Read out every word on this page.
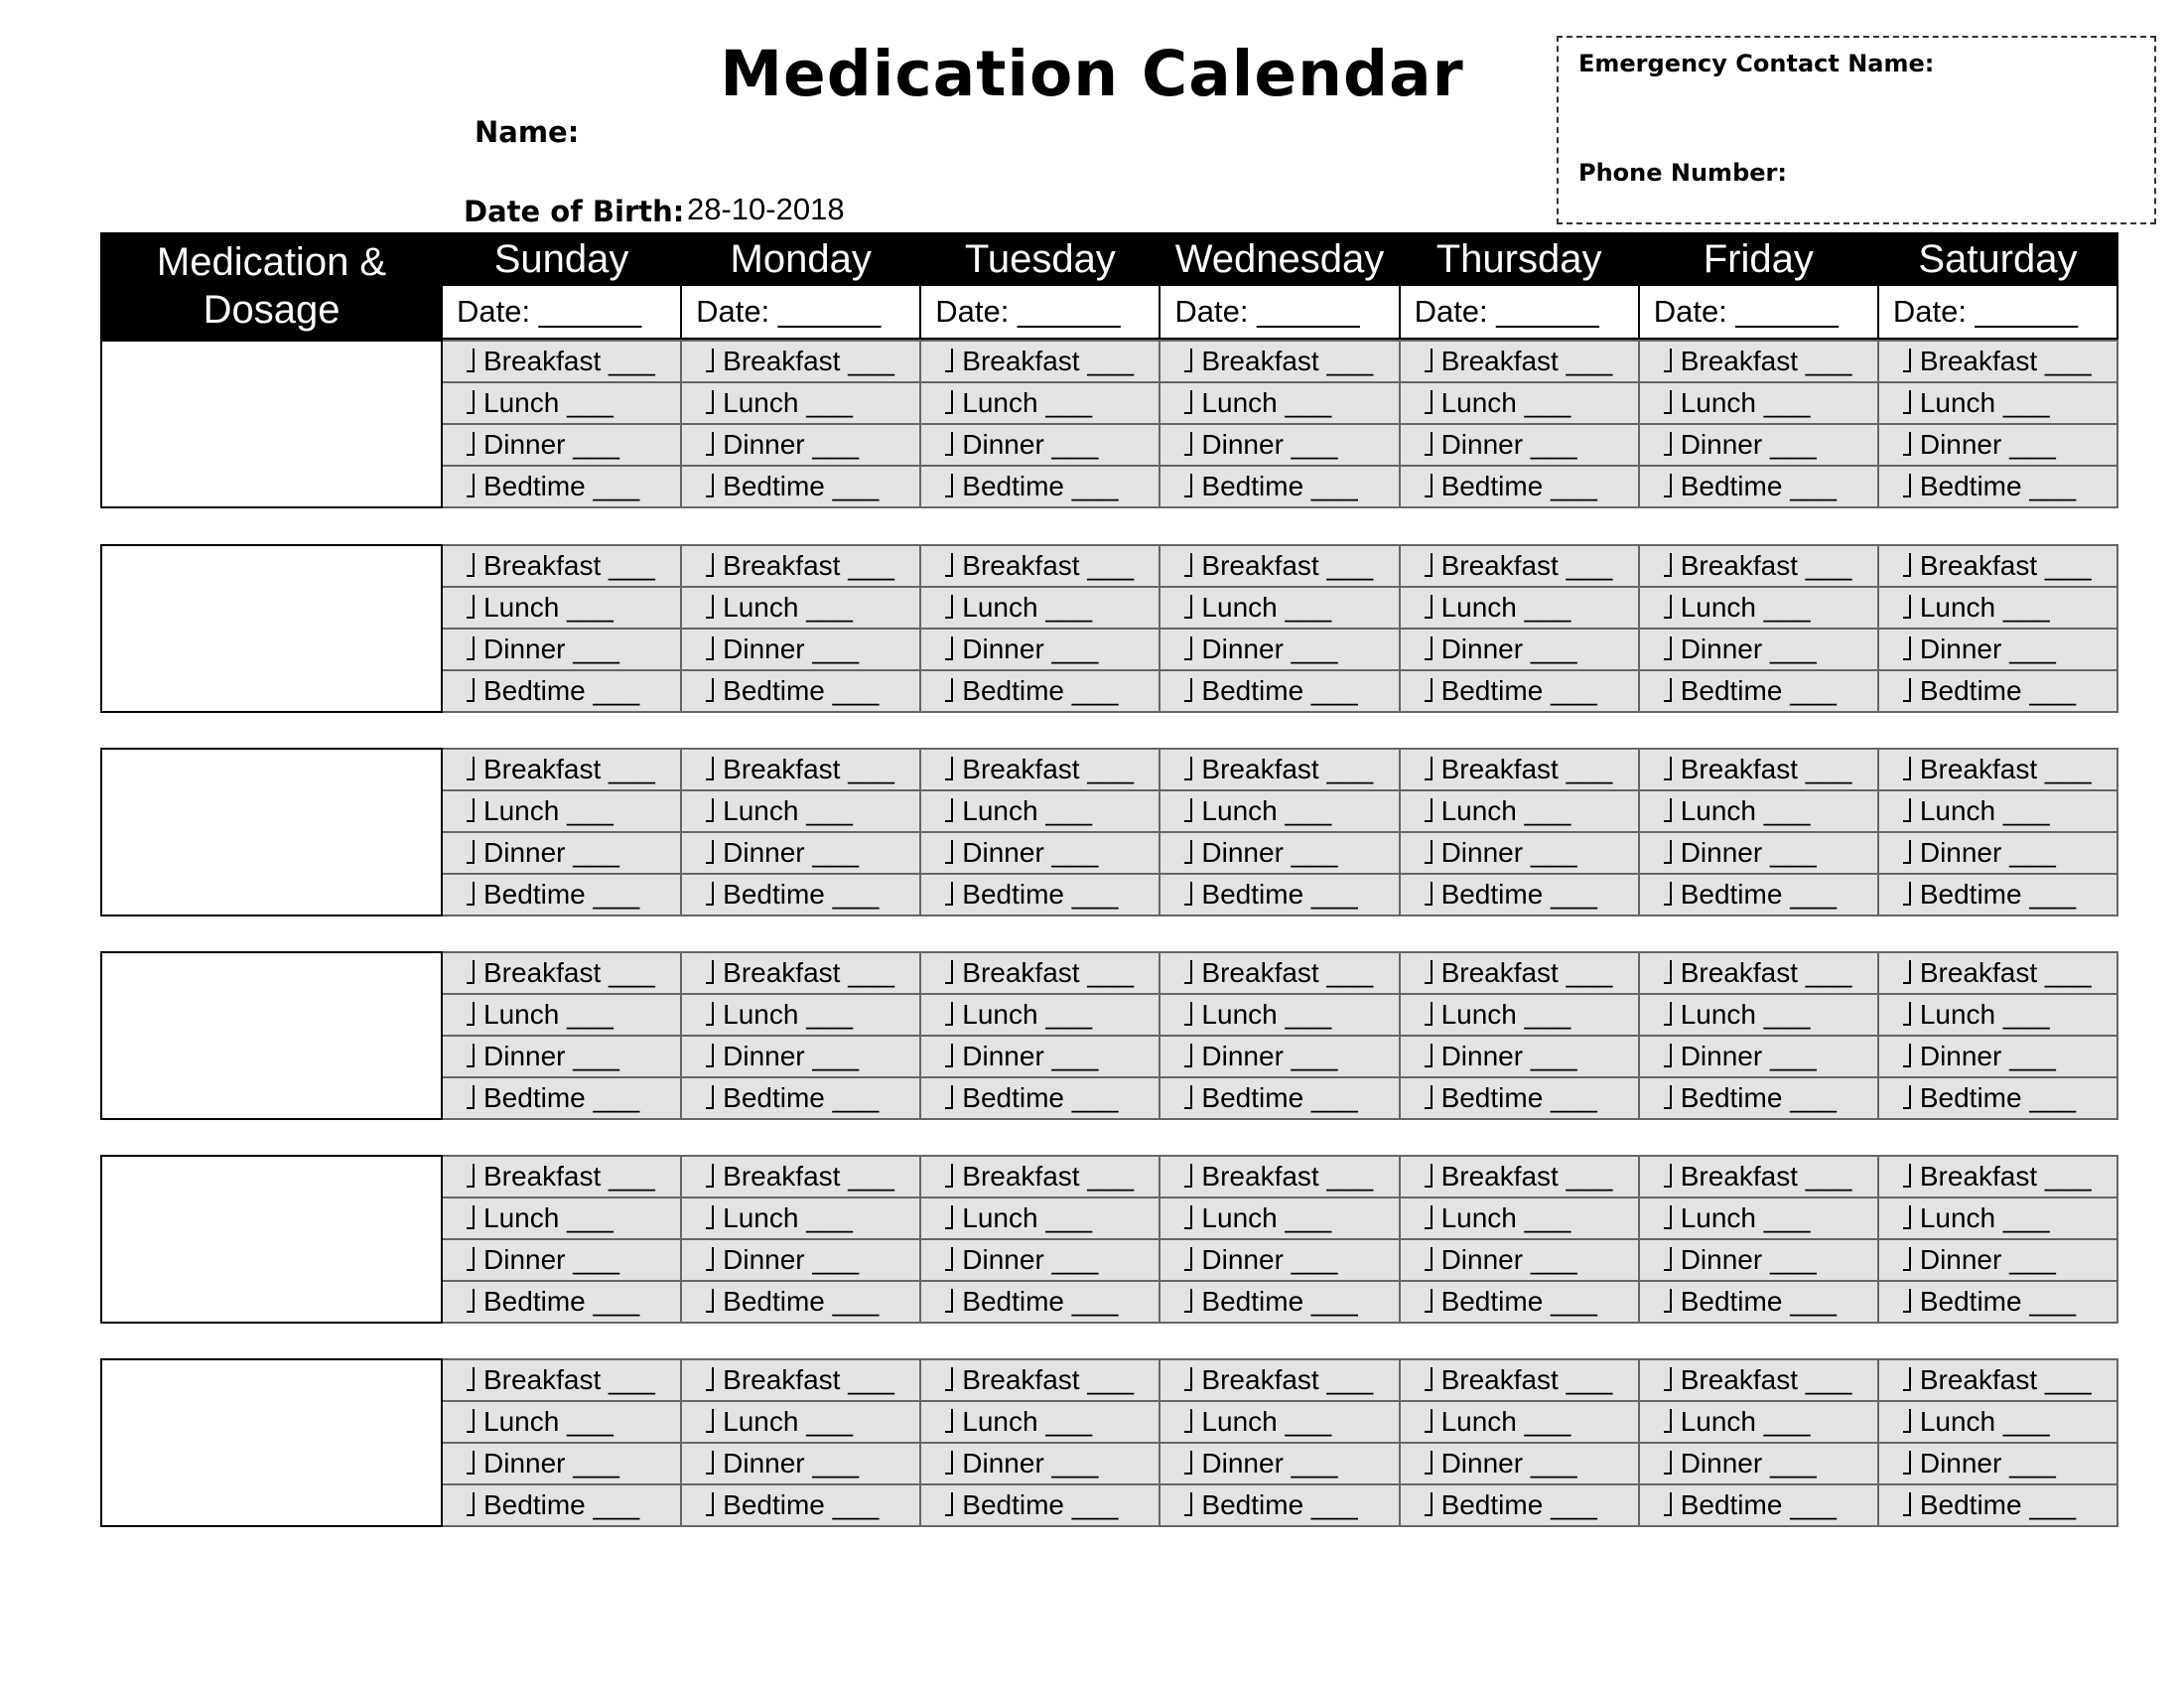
Medication Calendar
Name:
Date of Birth: 28-10-2018
Emergency Contact Name:
Phone Number:
Medication & Dosage	Sunday	Monday	Tuesday	Wednesday	Thursday	Friday	Saturday
	Date: ______	Date: ______	Date: ______	Date: ______	Date: ______	Date: ______	Date: ______
	Breakfast ___	Breakfast ___	Breakfast ___	Breakfast ___	Breakfast ___	Breakfast ___	Breakfast ___
	Lunch ___	Lunch ___	Lunch ___	Lunch ___	Lunch ___	Lunch ___	Lunch ___
	Dinner ___	Dinner ___	Dinner ___	Dinner ___	Dinner ___	Dinner ___	Dinner ___
	Bedtime ___	Bedtime ___	Bedtime ___	Bedtime ___	Bedtime ___	Bedtime ___	Bedtime ___
	Breakfast ___	Breakfast ___	Breakfast ___	Breakfast ___	Breakfast ___	Breakfast ___	Breakfast ___
	Lunch ___	Lunch ___	Lunch ___	Lunch ___	Lunch ___	Lunch ___	Lunch ___
	Dinner ___	Dinner ___	Dinner ___	Dinner ___	Dinner ___	Dinner ___	Dinner ___
	Bedtime ___	Bedtime ___	Bedtime ___	Bedtime ___	Bedtime ___	Bedtime ___	Bedtime ___
	Breakfast ___	Breakfast ___	Breakfast ___	Breakfast ___	Breakfast ___	Breakfast ___	Breakfast ___
	Lunch ___	Lunch ___	Lunch ___	Lunch ___	Lunch ___	Lunch ___	Lunch ___
	Dinner ___	Dinner ___	Dinner ___	Dinner ___	Dinner ___	Dinner ___	Dinner ___
	Bedtime ___	Bedtime ___	Bedtime ___	Bedtime ___	Bedtime ___	Bedtime ___	Bedtime ___
	Breakfast ___	Breakfast ___	Breakfast ___	Breakfast ___	Breakfast ___	Breakfast ___	Breakfast ___
	Lunch ___	Lunch ___	Lunch ___	Lunch ___	Lunch ___	Lunch ___	Lunch ___
	Dinner ___	Dinner ___	Dinner ___	Dinner ___	Dinner ___	Dinner ___	Dinner ___
	Bedtime ___	Bedtime ___	Bedtime ___	Bedtime ___	Bedtime ___	Bedtime ___	Bedtime ___
	Breakfast ___	Breakfast ___	Breakfast ___	Breakfast ___	Breakfast ___	Breakfast ___	Breakfast ___
	Lunch ___	Lunch ___	Lunch ___	Lunch ___	Lunch ___	Lunch ___	Lunch ___
	Dinner ___	Dinner ___	Dinner ___	Dinner ___	Dinner ___	Dinner ___	Dinner ___
	Bedtime ___	Bedtime ___	Bedtime ___	Bedtime ___	Bedtime ___	Bedtime ___	Bedtime ___
	Breakfast ___	Breakfast ___	Breakfast ___	Breakfast ___	Breakfast ___	Breakfast ___	Breakfast ___
	Lunch ___	Lunch ___	Lunch ___	Lunch ___	Lunch ___	Lunch ___	Lunch ___
	Dinner ___	Dinner ___	Dinner ___	Dinner ___	Dinner ___	Dinner ___	Dinner ___
	Bedtime ___	Bedtime ___	Bedtime ___	Bedtime ___	Bedtime ___	Bedtime ___	Bedtime ___
